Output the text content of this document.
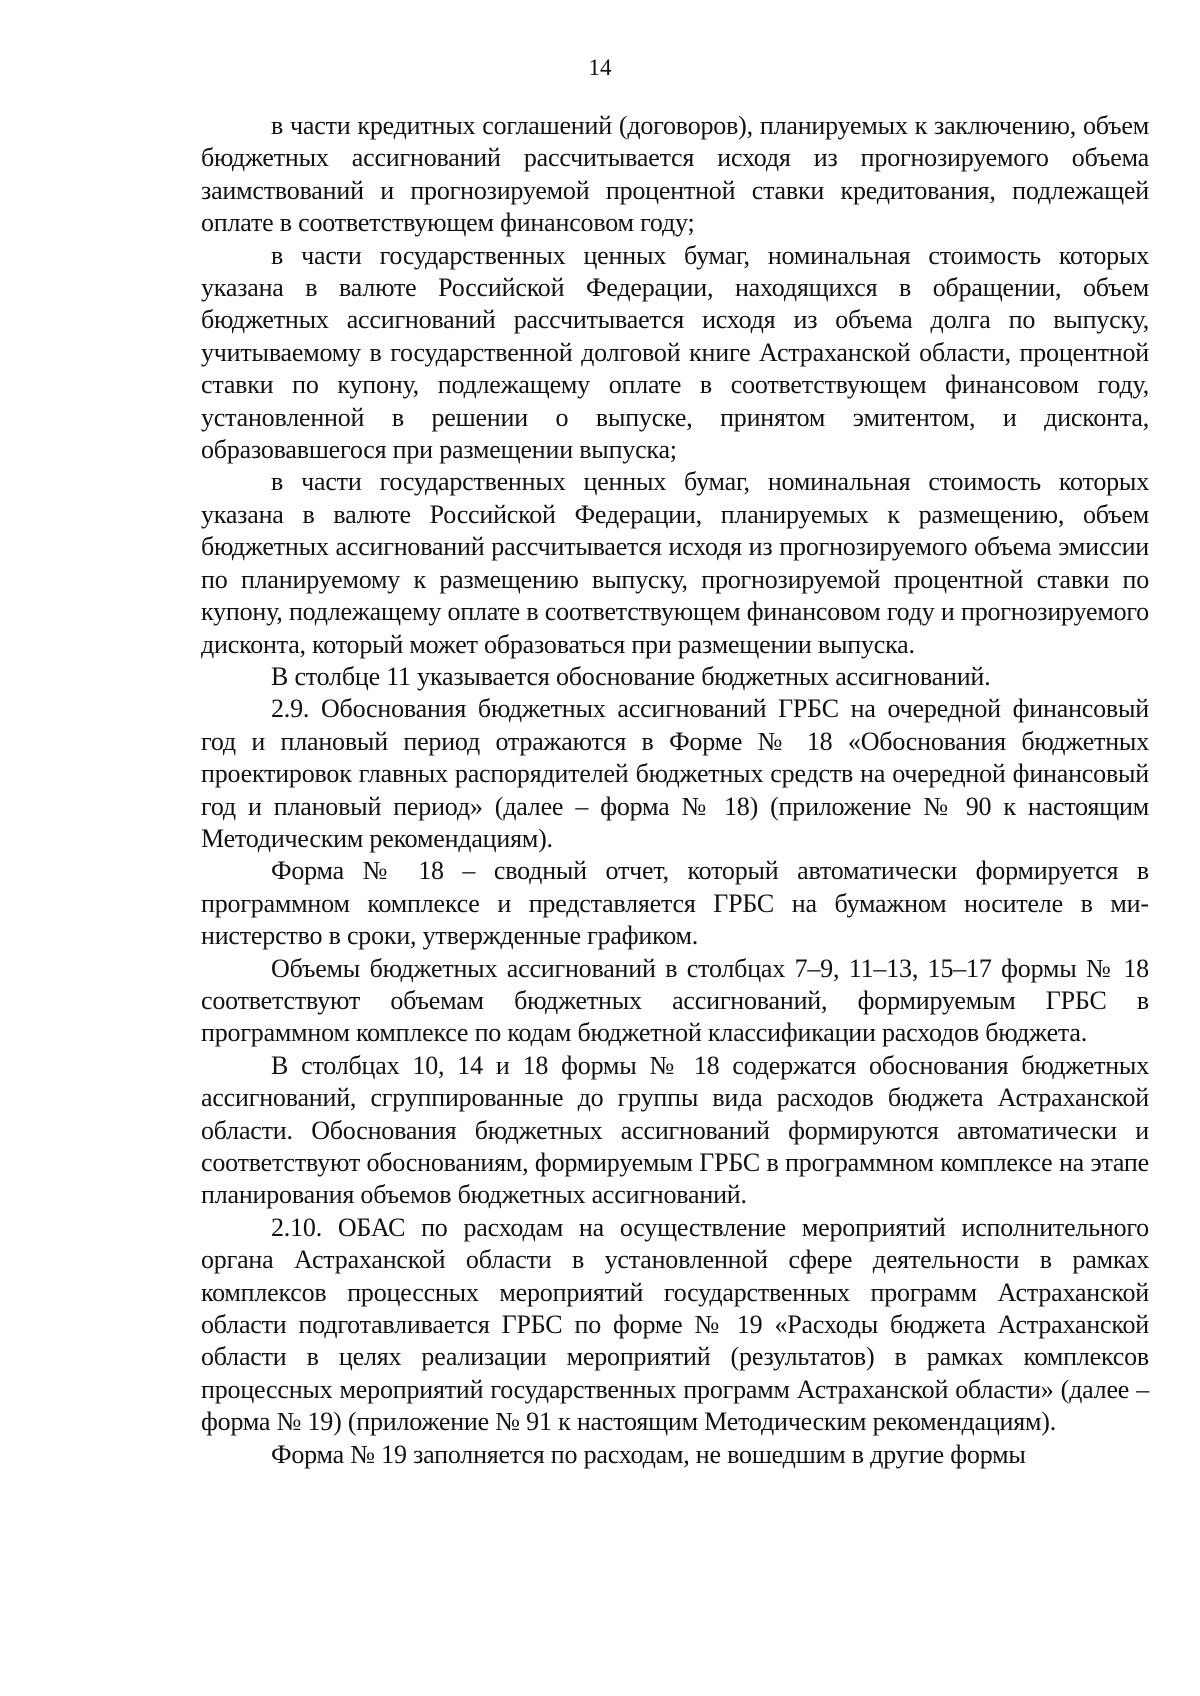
14

в части кредитных соглашений (договоров), планируемых к заключению, объем бюджетных ассигнований рассчитывается исходя из прогнозируемого объема заимствований и прогнозируемой процентной ставки кредитования, подлежащей оплате в соответствующем финансовом году;

в части государственных ценных бумаг, номинальная стоимость которых указана в валюте Российской Федерации, находящихся в обращении, объем бюджетных ассигнований рассчитывается исходя из объема долга по выпуску, учитываемому в государственной долговой книге Астраханской области, процентной ставки по купону, подлежащему оплате в соответствующем финансовом году, установленной в решении о выпуске, принятом эмитентом, и дисконта, образовавшегося при размещении выпуска;

в части государственных ценных бумаг, номинальная стоимость которых указана в валюте Российской Федерации, планируемых к размещению, объем бюджетных ассигнований рассчитывается исходя из прогнозируемого объема эмиссии по планируемому к размещению выпуску, прогнозируемой процентной ставки по купону, подлежащему оплате в соответствующем финансовом году и прогнозируемого дисконта, который может образоваться при размещении выпуска.

В столбце 11 указывается обоснование бюджетных ассигнований.

2.9. Обоснования бюджетных ассигнований ГРБС на очередной финансовый год и плановый период отражаются в Форме № 18 «Обоснования бюджетных проектировок главных распорядителей бюджетных средств на очередной финансовый год и плановый период» (далее – форма № 18) (приложение № 90 к настоящим Методическим рекомендациям).

Форма № 18 – сводный отчет, который автоматически формируется в программном комплексе и представляется ГРБС на бумажном носителе в министерство в сроки, утвержденные графиком.

Объемы бюджетных ассигнований в столбцах 7–9, 11–13, 15–17 формы № 18 соответствуют объемам бюджетных ассигнований, формируемым ГРБС в программном комплексе по кодам бюджетной классификации расходов бюджета.

В столбцах 10, 14 и 18 формы № 18 содержатся обоснования бюджетных ассигнований, сгруппированные до группы вида расходов бюджета Астраханской области. Обоснования бюджетных ассигнований формируются автоматически и соответствуют обоснованиям, формируемым ГРБС в программном комплексе на этапе планирования объемов бюджетных ассигнований.

2.10. ОБАС по расходам на осуществление мероприятий исполнительного органа Астраханской области в установленной сфере деятельности в рамках комплексов процессных мероприятий государственных программ Астраханской области подготавливается ГРБС по форме № 19 «Расходы бюджета Астраханской области в целях реализации мероприятий (результатов) в рамках комплексов процессных мероприятий государственных программ Астраханской области» (далее – форма № 19) (приложение № 91 к настоящим Методическим рекомендациям).

Форма № 19 заполняется по расходам, не вошедшим в другие формы
